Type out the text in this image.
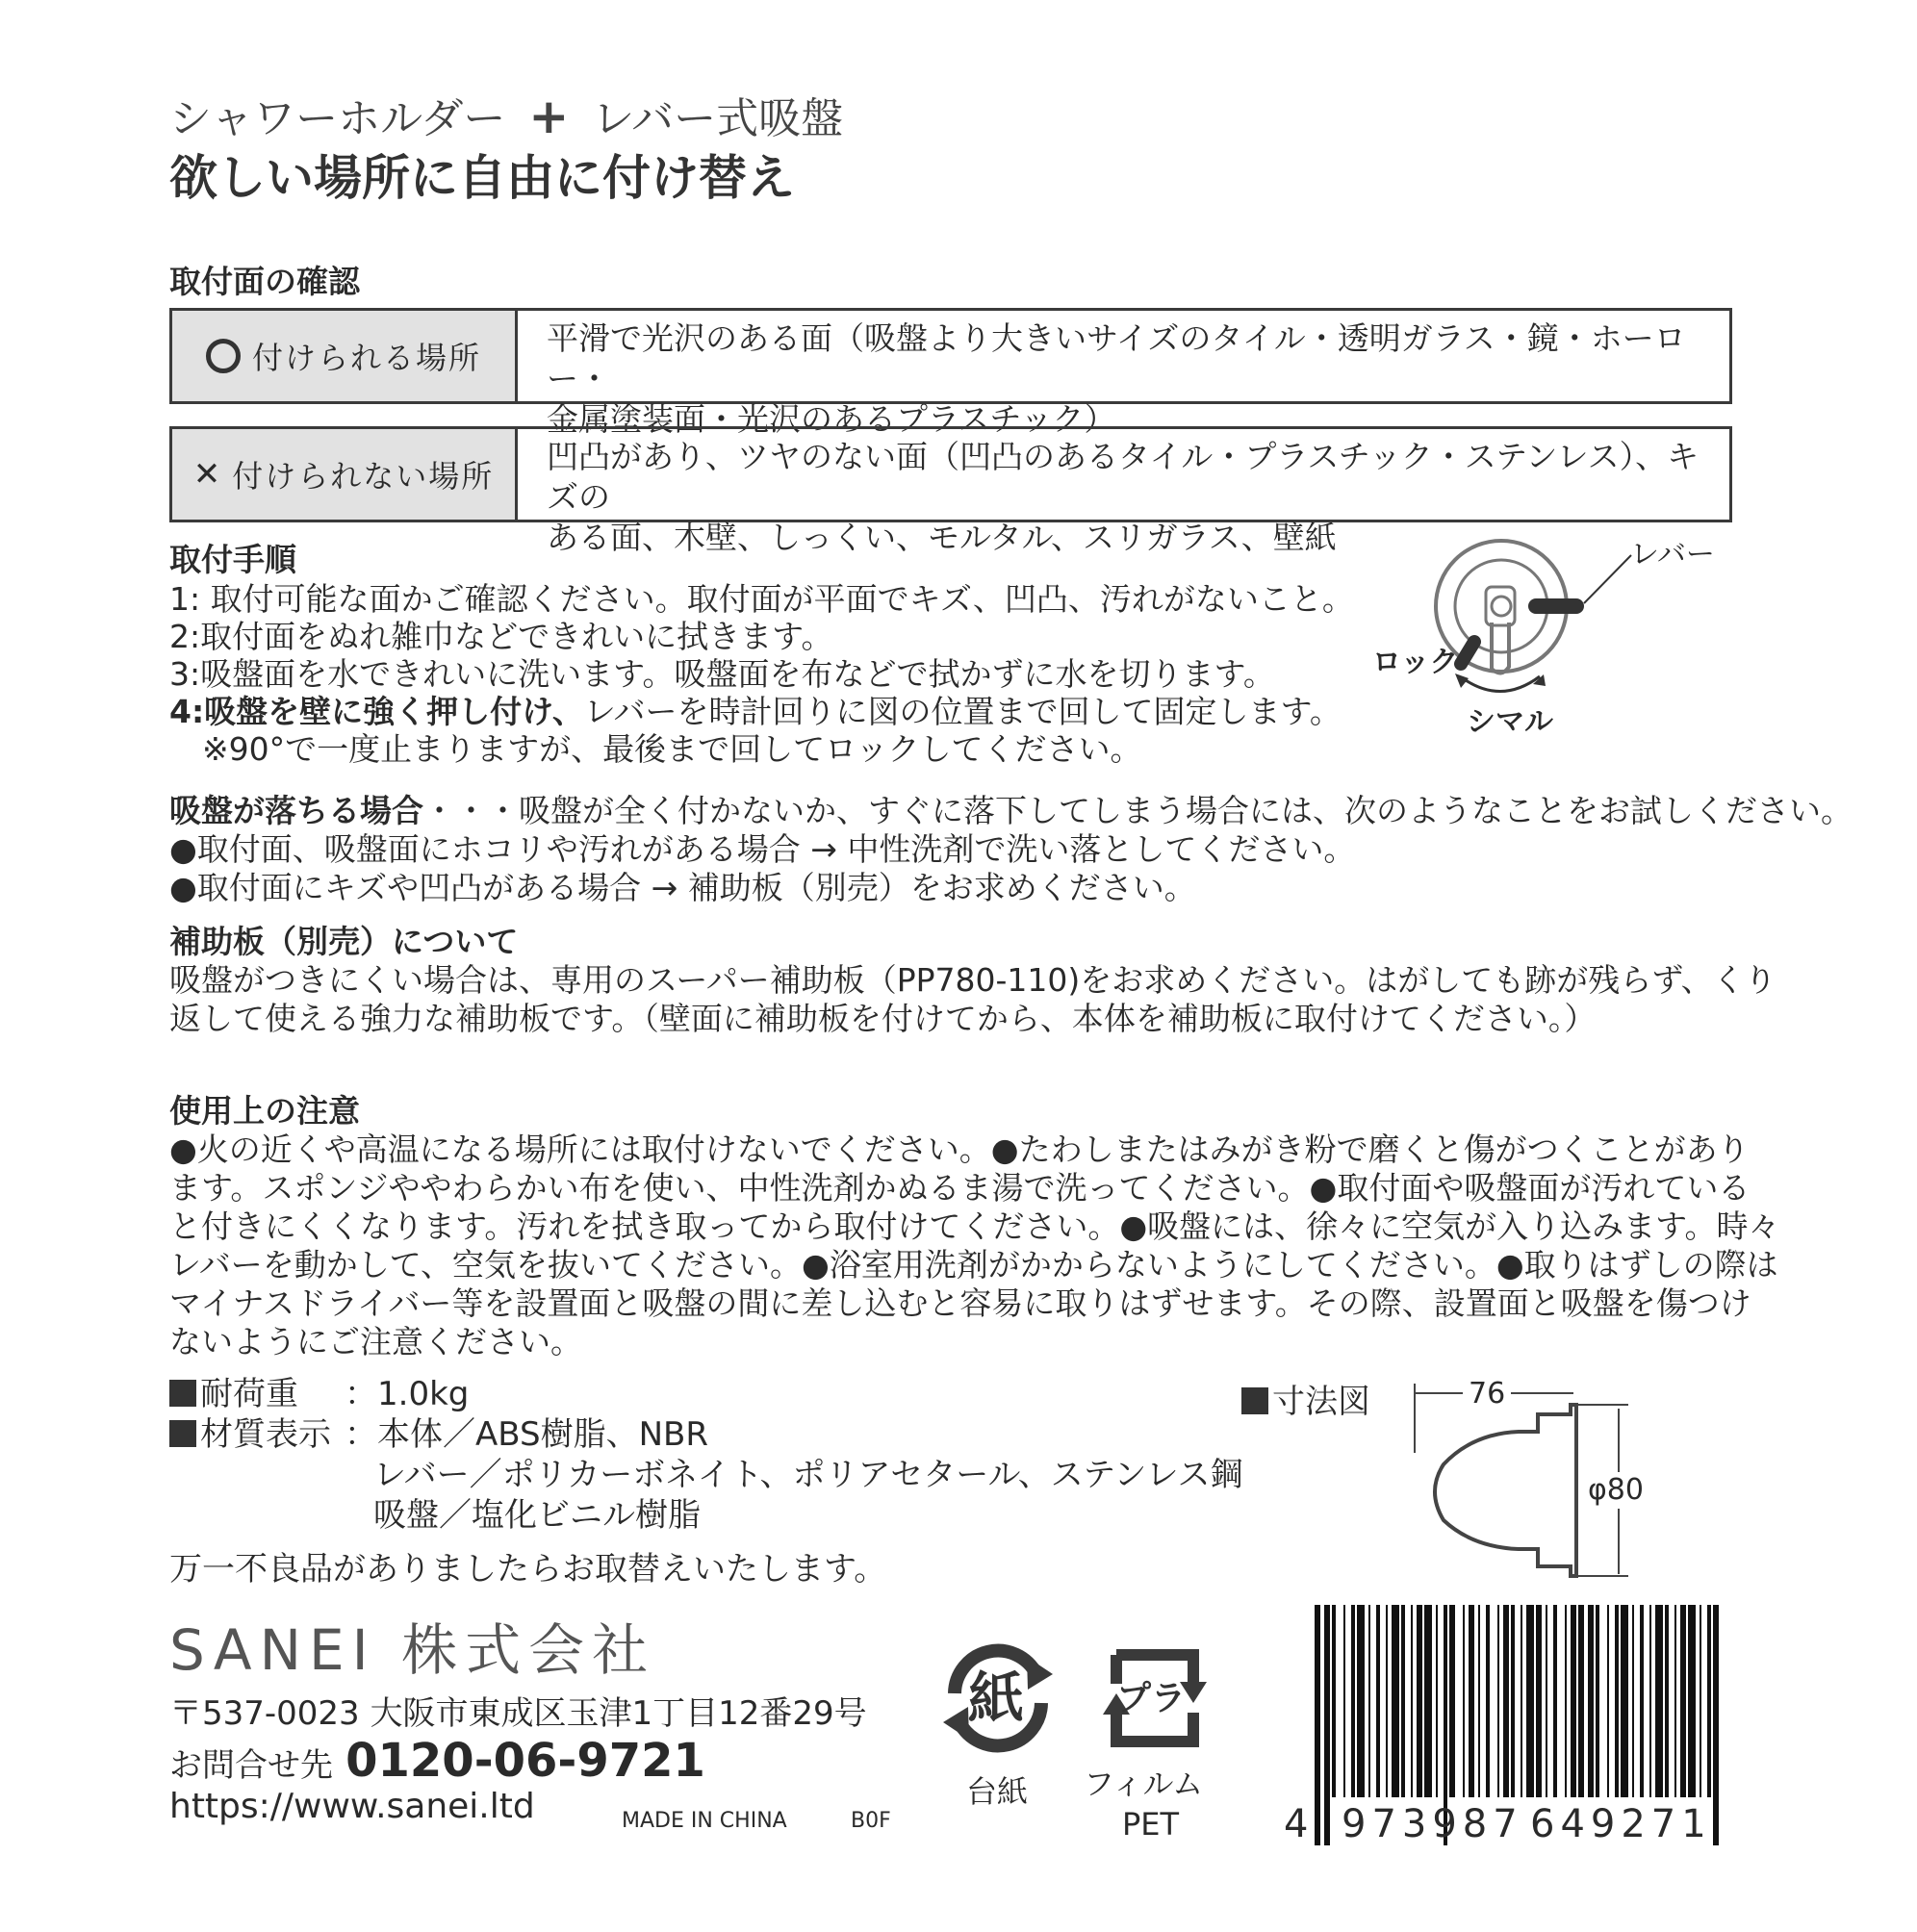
シャワーホルダー + レバー式吸盤
欲しい場所に自由に付け替え
取付面の確認
付けられる場所
平滑で光沢のある面（吸盤より大きいサイズのタイル・透明ガラス・鏡・ホーロー・
金属塗装面・光沢のあるプラスチック）
✕ 付けられない場所
凹凸があり、ツヤのない面（凹凸のあるタイル・プラスチック・ステンレス）、キズの
ある面、木壁、しっくい、モルタル、スリガラス、壁紙
取付手順
1: 取付可能な面かご確認ください。取付面が平面でキズ、凹凸、汚れがないこと。
2:取付面をぬれ雑巾などできれいに拭きます。
3:吸盤面を水できれいに洗います。吸盤面を布などで拭かずに水を切ります。
4:吸盤を壁に強く押し付け、レバーを時計回りに図の位置まで回して固定します。
※90°で一度止まりますが、最後まで回してロックしてください。
レバー
ロック
シマル
吸盤が落ちる場合・・・吸盤が全く付かないか、すぐに落下してしまう場合には、次のようなことをお試しください。
●取付面、吸盤面にホコリや汚れがある場合 → 中性洗剤で洗い落としてください。
●取付面にキズや凹凸がある場合 → 補助板（別売）をお求めください。
補助板（別売）について
吸盤がつきにくい場合は、専用のスーパー補助板（PP780-110)をお求めください。はがしても跡が残らず、くり
返して使える強力な補助板です。（壁面に補助板を付けてから、本体を補助板に取付けてください。）
使用上の注意
●火の近くや高温になる場所には取付けないでください。●たわしまたはみがき粉で磨くと傷がつくことがあり
ます。スポンジややわらかい布を使い、中性洗剤かぬるま湯で洗ってください。●取付面や吸盤面が汚れている
と付きにくくなります。汚れを拭き取ってから取付けてください。●吸盤には、徐々に空気が入り込みます。時々
レバーを動かして、空気を抜いてください。●浴室用洗剤がかからないようにしてください。●取りはずしの際は
マイナスドライバー等を設置面と吸盤の間に差し込むと容易に取りはずせます。その際、設置面と吸盤を傷つけ
ないようにご注意ください。
耐荷重 ：1.0kg
材質表示 ：本体／ABS樹脂、NBR
レバー／ポリカーボネイト、ポリアセタール、ステンレス鋼
吸盤／塩化ビニル樹脂
万一不良品がありましたらお取替えいたします。
寸法図	76
φ80
SANEI 株式会社
〒537-0023 大阪市東成区玉津1丁目12番29号
お問合せ先 0120-06-9721
https://www.sanei.ltd	MADE IN CHINA	B0F
紙
台紙
プラ
フィルム
PET	4 973987 649271
